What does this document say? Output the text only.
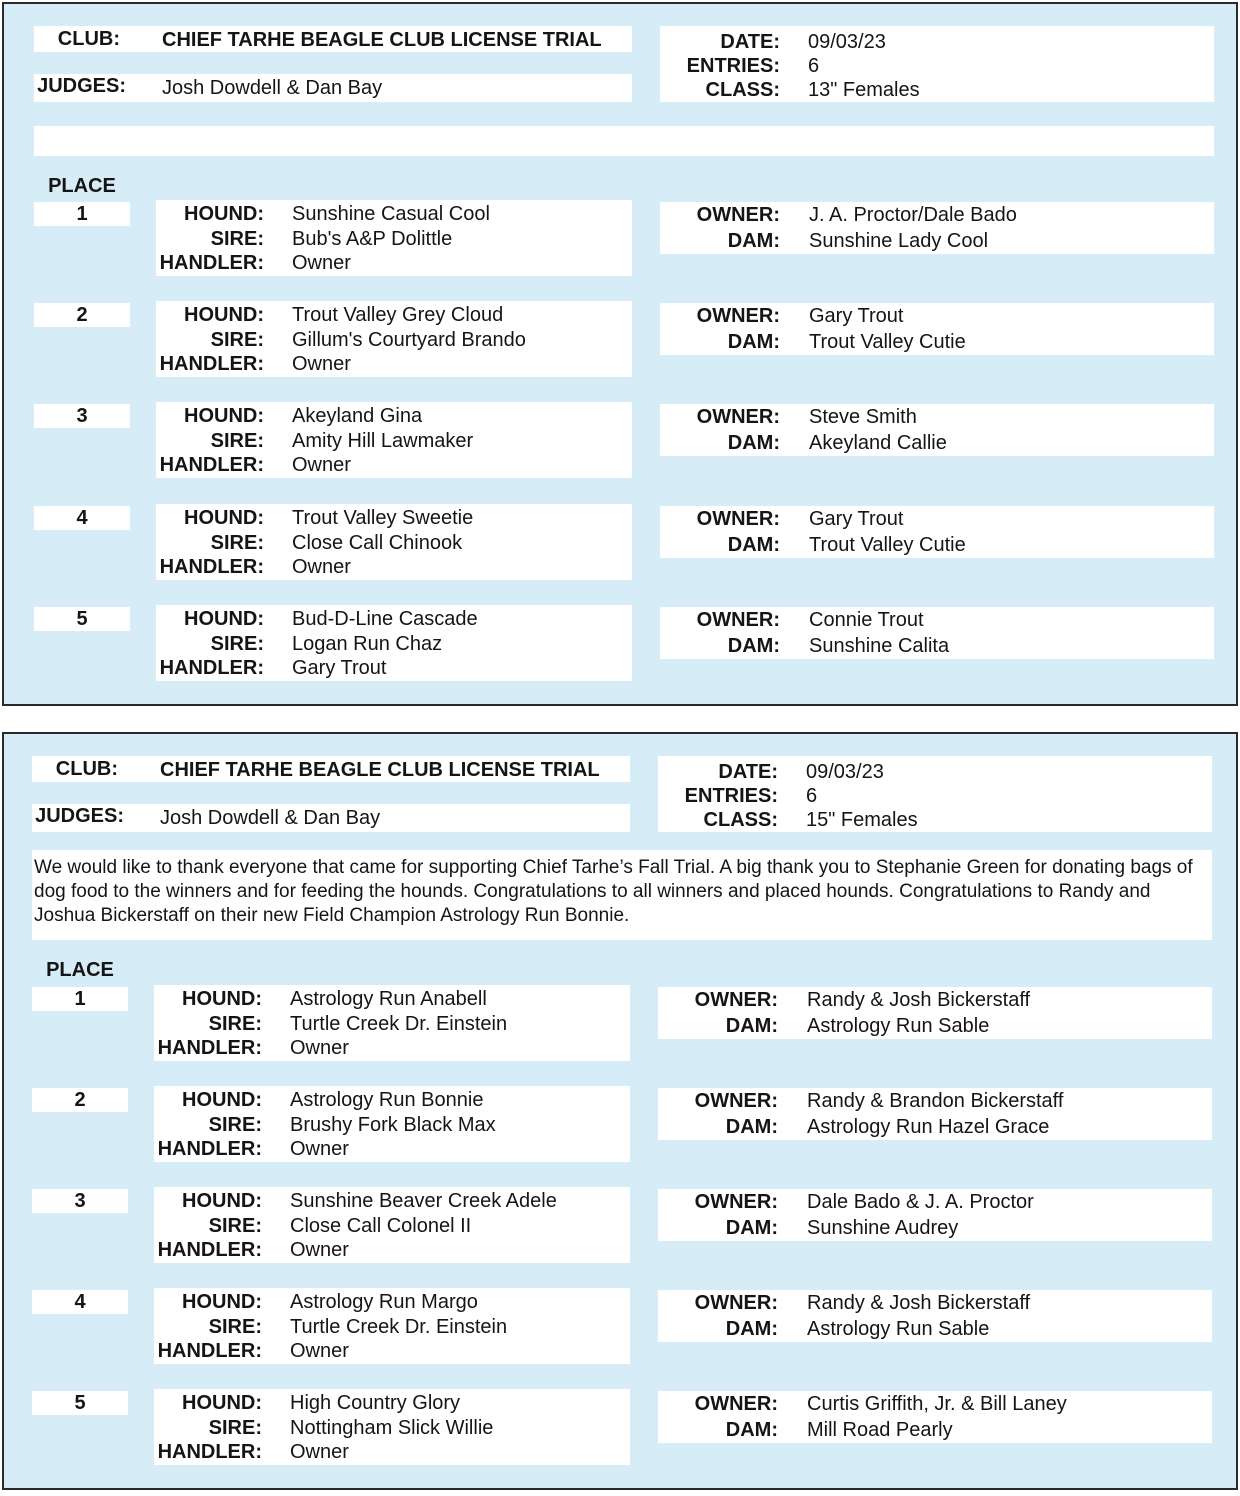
CLUB: CHIEF TARHE BEAGLE CLUB LICENSE TRIAL
JUDGES: Josh Dowdell & Dan Bay
DATE: 09/03/23
ENTRIES: 6
CLASS: 13" Females
PLACE
1	HOUND: Sunshine Casual Cool
SIRE: Bub's A&P Dolittle
HANDLER: Owner
OWNER: J. A. Proctor/Dale Bado
DAM: Sunshine Lady Cool
2	HOUND: Trout Valley Grey Cloud
SIRE: Gillum's Courtyard Brando
HANDLER: Owner
OWNER: Gary Trout
DAM: Trout Valley Cutie
3	HOUND: Akeyland Gina
SIRE: Amity Hill Lawmaker
HANDLER: Owner
OWNER: Steve Smith
DAM: Akeyland Callie
4	HOUND: Trout Valley Sweetie
SIRE: Close Call Chinook
HANDLER: Owner
OWNER: Gary Trout
DAM: Trout Valley Cutie
5	HOUND: Bud-D-Line Cascade
SIRE: Logan Run Chaz
HANDLER: Gary Trout
OWNER: Connie Trout
DAM: Sunshine Calita
CLUB: CHIEF TARHE BEAGLE CLUB LICENSE TRIAL
JUDGES: Josh Dowdell & Dan Bay
DATE: 09/03/23
ENTRIES: 6
CLASS: 15" Females
We would like to thank everyone that came for supporting Chief Tarhe’s Fall Trial. A big thank you to Stephanie Green for donating bags of dog food to the winners and for feeding the hounds. Congratulations to all winners and placed hounds. Congratulations to Randy and Joshua Bickerstaff on their new Field Champion Astrology Run Bonnie.
PLACE
1	HOUND: Astrology Run Anabell
SIRE: Turtle Creek Dr. Einstein
HANDLER: Owner
OWNER: Randy & Josh Bickerstaff
DAM: Astrology Run Sable
2	HOUND: Astrology Run Bonnie
SIRE: Brushy Fork Black Max
HANDLER: Owner
OWNER: Randy & Brandon Bickerstaff
DAM: Astrology Run Hazel Grace
3	HOUND: Sunshine Beaver Creek Adele
SIRE: Close Call Colonel II
HANDLER: Owner
OWNER: Dale Bado & J. A. Proctor
DAM: Sunshine Audrey
4	HOUND: Astrology Run Margo
SIRE: Turtle Creek Dr. Einstein
HANDLER: Owner
OWNER: Randy & Josh Bickerstaff
DAM: Astrology Run Sable
5	HOUND: High Country Glory
SIRE: Nottingham Slick Willie
HANDLER: Owner
OWNER: Curtis Griffith, Jr. & Bill Laney
DAM: Mill Road Pearly
